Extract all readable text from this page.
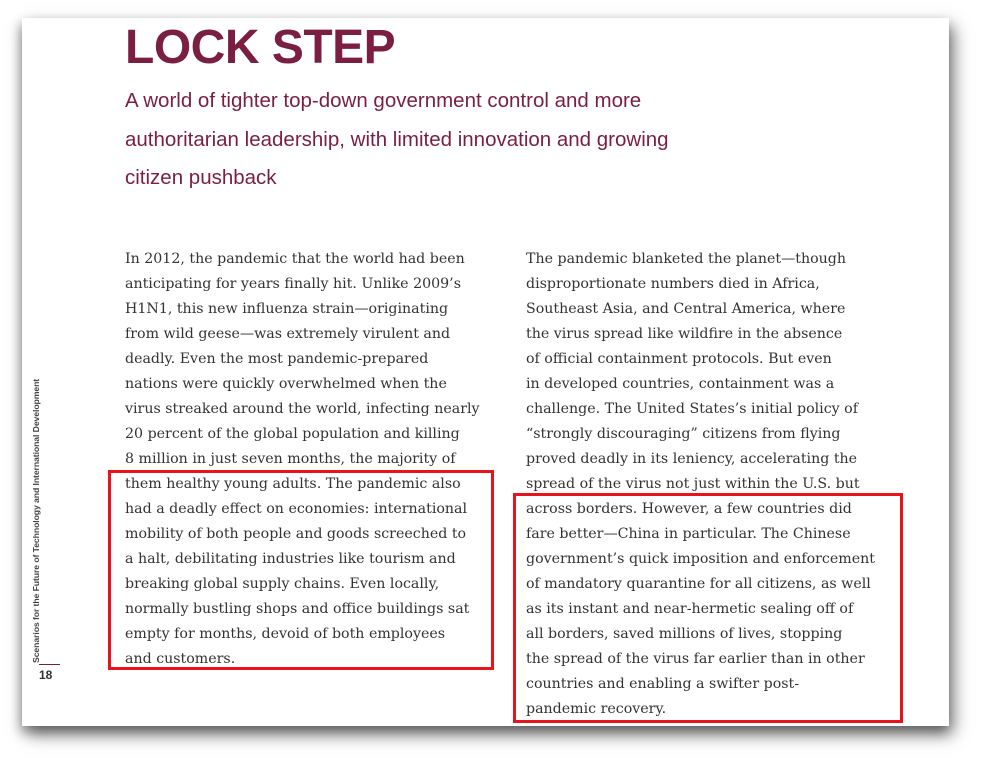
LOCK STEP
A world of tighter top-down government control and more
authoritarian leadership, with limited innovation and growing
citizen pushback
In 2012, the pandemic that the world had been
anticipating for years finally hit. Unlike 2009’s
H1N1, this new influenza strain—originating
from wild geese—was extremely virulent and
deadly. Even the most pandemic-prepared
nations were quickly overwhelmed when the
virus streaked around the world, infecting nearly
20 percent of the global population and killing
8 million in just seven months, the majority of
them healthy young adults. The pandemic also
had a deadly effect on economies: international
mobility of both people and goods screeched to
a halt, debilitating industries like tourism and
breaking global supply chains. Even locally,
normally bustling shops and office buildings sat
empty for months, devoid of both employees
and customers.
The pandemic blanketed the planet—though
disproportionate numbers died in Africa,
Southeast Asia, and Central America, where
the virus spread like wildfire in the absence
of official containment protocols. But even
in developed countries, containment was a
challenge. The United States’s initial policy of
“strongly discouraging” citizens from flying
proved deadly in its leniency, accelerating the
spread of the virus not just within the U.S. but
across borders. However, a few countries did
fare better—China in particular. The Chinese
government’s quick imposition and enforcement
of mandatory quarantine for all citizens, as well
as its instant and near-hermetic sealing off of
all borders, saved millions of lives, stopping
the spread of the virus far earlier than in other
countries and enabling a swifter post-
pandemic recovery.
Scenarios for the Future of Technology and International Development
18
